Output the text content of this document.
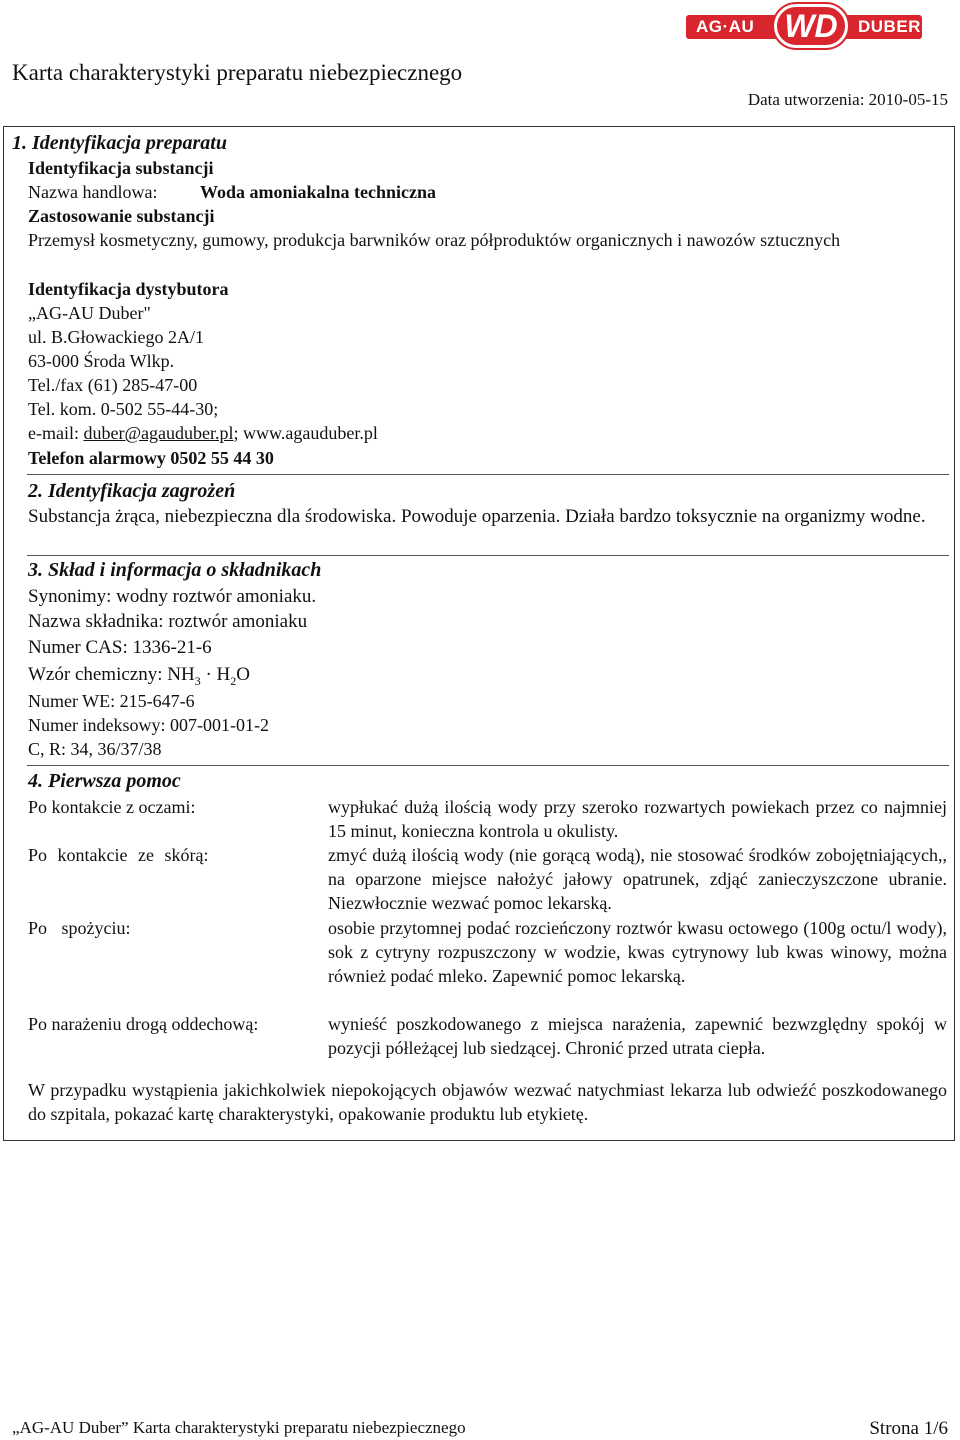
AG·AU WD	DUBER
Karta charakterystyki preparatu niebezpiecznego
Data utworzenia: 2010-05-15
1. Identyfikacja preparatu
Identyfikacja substancji
Nazwa handlowa: Woda amoniakalna techniczna
Zastosowanie substancji
Przemysł kosmetyczny, gumowy, produkcja barwników oraz półproduktów organicznych i nawozów sztucznych
Identyfikacja dystybutora
„AG-AU Duber"
ul. B.Głowackiego 2A/1
63-000 Środa Wlkp.
Tel./fax (61) 285-47-00
Tel. kom. 0-502 55-44-30;
e-mail: duber@agauduber.pl; www.agauduber.pl
Telefon alarmowy 0502 55 44 30
2. Identyfikacja zagrożeń
Substancja żrąca, niebezpieczna dla środowiska. Powoduje oparzenia. Działa bardzo toksycznie na organizmy wodne.
3. Skład i informacja o składnikach
Synonimy: wodny roztwór amoniaku.
Nazwa składnika: roztwór amoniaku
Numer CAS: 1336-21-6
Wzór chemiczny: $NH_3 \cdot H_2O$
Numer WE: 215-647-6
Numer indeksowy: 007-001-01-2
C, R: 34, 36/37/38
4. Pierwsza pomoc
Po kontakcie z oczami:	wypłukać dużą ilością wody przy szeroko rozwartych powiekach przez co najmniej 15 minut, konieczna kontrola u okulisty.
Po kontakcie ze skórą:	zmyć dużą ilością wody (nie gorącą wodą), nie stosować środków zobojętniających,, na oparzone miejsce nałożyć jałowy opatrunek, zdjąć zanieczyszczone ubranie. Niezwłocznie wezwać pomoc lekarską.
Po spożyciu:	osobie przytomnej podać rozcieńczony roztwór kwasu octowego (100g octu/l wody), sok z cytryny rozpuszczony w wodzie, kwas cytrynowy lub kwas winowy, można również podać mleko. Zapewnić pomoc lekarską.
Po narażeniu drogą oddechową:	wynieść poszkodowanego z miejsca narażenia, zapewnić bezwzględny spokój w pozycji półleżącej lub siedzącej. Chronić przed utrata ciepła.
W przypadku wystąpienia jakichkolwiek niepokojących objawów wezwać natychmiast lekarza lub odwieźć poszkodowanego do szpitala, pokazać kartę charakterystyki, opakowanie produktu lub etykietę.
„AG-AU Duber” Karta charakterystyki preparatu niebezpiecznego	Strona 1/6
